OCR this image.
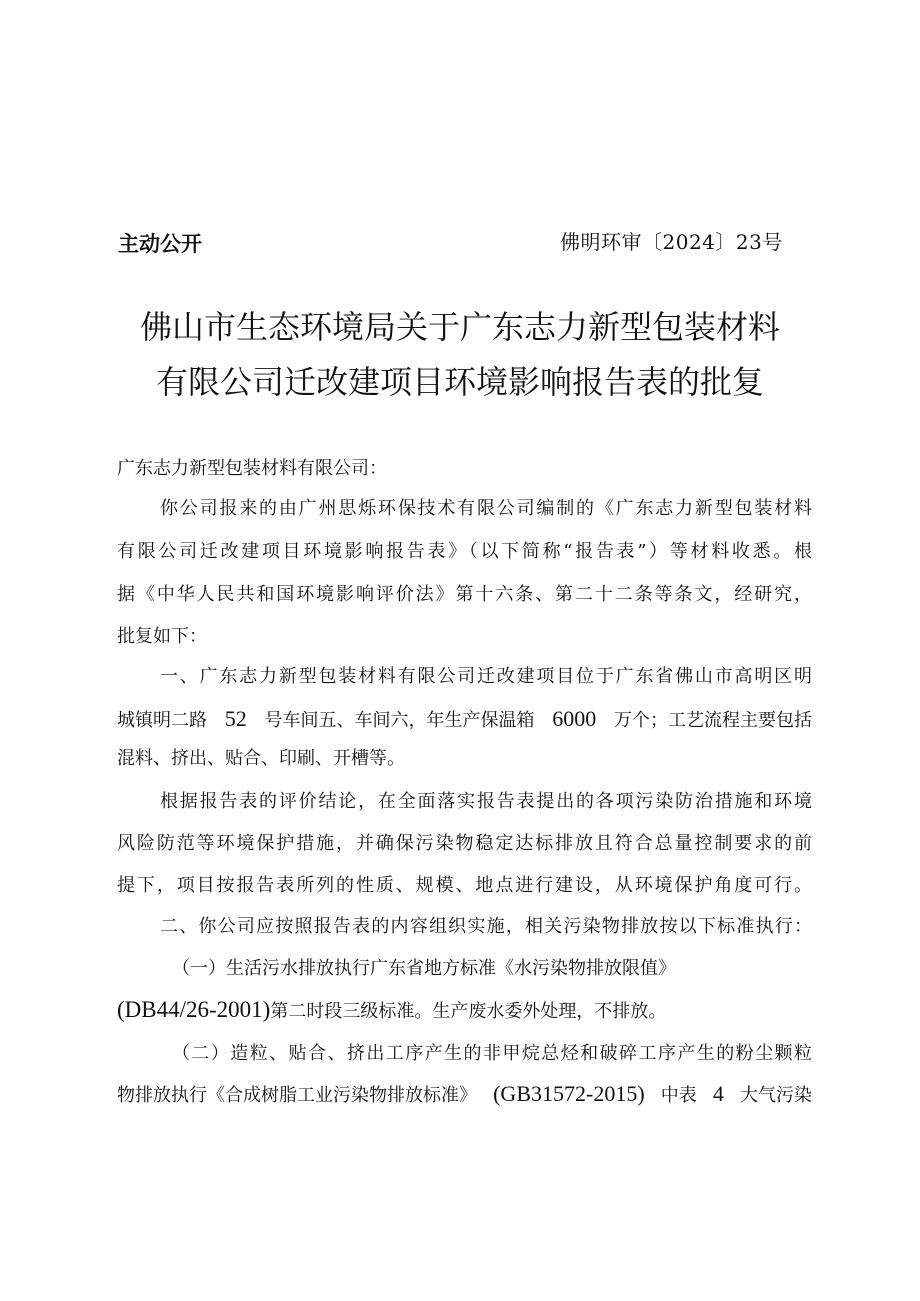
主动公开	佛明环审〔2024〕23号
佛山市生态环境局关于广东志力新型包装材料
有限公司迁改建项目环境影响报告表的批复
广东志力新型包装材料有限公司：
你公司报来的由广州思烁环保技术有限公司编制的《广东志力新型包装材料
有限公司迁改建项目环境影响报告表》（以下简称“报告表”）等材料收悉。根
据《中华人民共和国环境影响评价法》第十六条、第二十二条等条文，经研究，
批复如下：
一、广东志力新型包装材料有限公司迁改建项目位于广东省佛山市高明区明
城镇明二路 52 号车间五、车间六，年生产保温箱 6000 万个；工艺流程主要包括
混料、挤出、贴合、印刷、开槽等。
根据报告表的评价结论，在全面落实报告表提出的各项污染防治措施和环境
风险防范等环境保护措施，并确保污染物稳定达标排放且符合总量控制要求的前
提下，项目按报告表所列的性质、规模、地点进行建设，从环境保护角度可行。
二、你公司应按照报告表的内容组织实施，相关污染物排放按以下标准执行：
（一）生活污水排放执行广东省地方标准《水污染物排放限值》
(DB44/26-2001) 第二时段三级标准。生产废水委外处理，不排放。
（二）造粒、贴合、挤出工序产生的非甲烷总烃和破碎工序产生的粉尘颗粒
物排放执行《合成树脂工业污染物排放标准》 (GB31572-2015) 中表 4 大气污染
